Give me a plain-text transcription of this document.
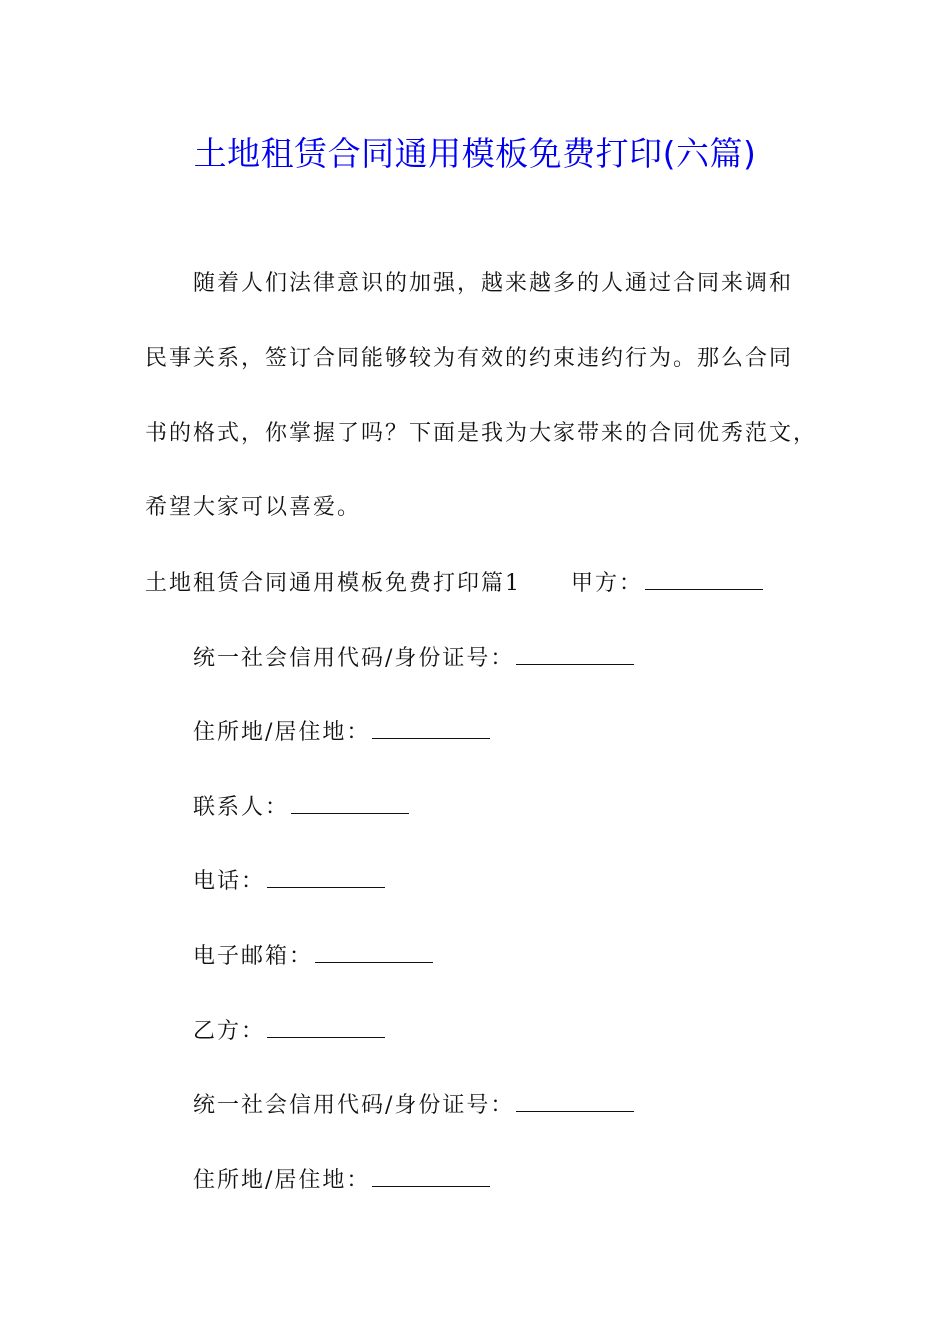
土地租赁合同通用模板免费打印(六篇)
随着人们法律意识的加强，越来越多的人通过合同来调和
民事关系，签订合同能够较为有效的约束违约行为。那么合同
书的格式，你掌握了吗？下面是我为大家带来的合同优秀范文，
希望大家可以喜爱。
土地租赁合同通用模板免费打印篇1 甲方：
统一社会信用代码/身份证号：
住所地/居住地：
联系人：
电话：
电子邮箱：
乙方：
统一社会信用代码/身份证号：
住所地/居住地：
